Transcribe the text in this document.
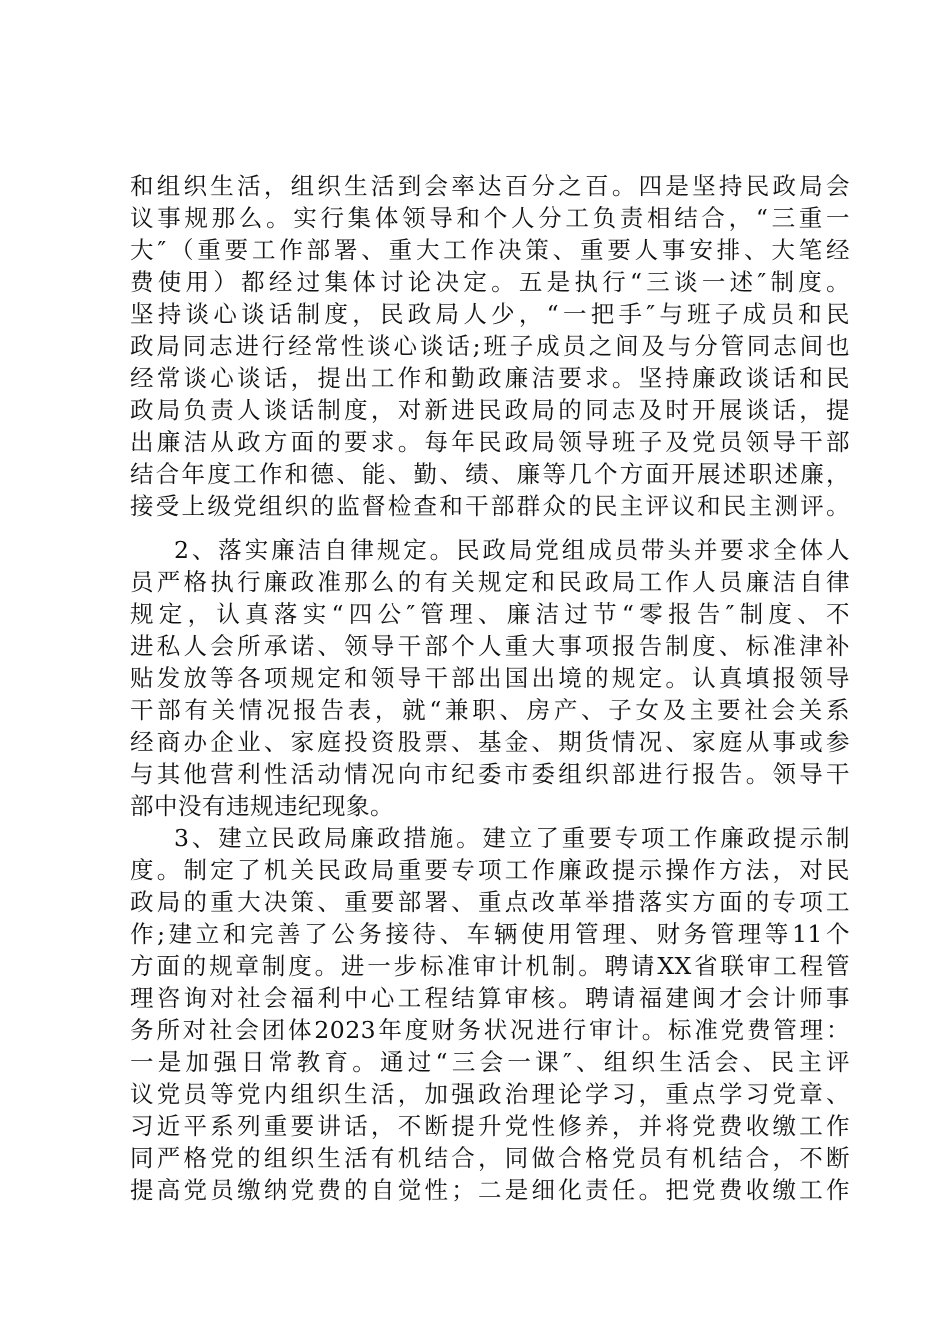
和组织生活，组织生活到会率达百分之百。四是坚持民政局会
议事规那么。实行集体领导和个人分工负责相结合，“三重一
大″（重要工作部署、重大工作决策、重要人事安排、大笔经
费使用）都经过集体讨论决定。五是执行“三谈一述″制度。
坚持谈心谈话制度，民政局人少，“一把手″与班子成员和民
政局同志进行经常性谈心谈话;班子成员之间及与分管同志间也
经常谈心谈话，提出工作和勤政廉洁要求。坚持廉政谈话和民
政局负责人谈话制度，对新进民政局的同志及时开展谈话，提
出廉洁从政方面的要求。每年民政局领导班子及党员领导干部
结合年度工作和德、能、勤、绩、廉等几个方面开展述职述廉，
接受上级党组织的监督检查和干部群众的民主评议和民主测评。
2、落实廉洁自律规定。民政局党组成员带头并要求全体人
员严格执行廉政准那么的有关规定和民政局工作人员廉洁自律
规定，认真落实“四公″管理、廉洁过节“零报告″制度、不
进私人会所承诺、领导干部个人重大事项报告制度、标准津补
贴发放等各项规定和领导干部出国出境的规定。认真填报领导
干部有关情况报告表，就“兼职、房产、子女及主要社会关系
经商办企业、家庭投资股票、基金、期货情况、家庭从事或参
与其他营利性活动情况向市纪委市委组织部进行报告。领导干
部中没有违规违纪现象。
3、建立民政局廉政措施。建立了重要专项工作廉政提示制
度。制定了机关民政局重要专项工作廉政提示操作方法，对民
政局的重大决策、重要部署、重点改革举措落实方面的专项工
作;建立和完善了公务接待、车辆使用管理、财务管理等11个
方面的规章制度。进一步标准审计机制。聘请XX省联审工程管
理咨询对社会福利中心工程结算审核。聘请福建闽才会计师事
务所对社会团体2023年度财务状况进行审计。标准党费管理：
一是加强日常教育。通过“三会一课″、组织生活会、民主评
议党员等党内组织生活，加强政治理论学习，重点学习党章、
习近平系列重要讲话，不断提升党性修养，并将党费收缴工作
同严格党的组织生活有机结合，同做合格党员有机结合，不断
提高党员缴纳党费的自觉性；二是细化责任。把党费收缴工作
